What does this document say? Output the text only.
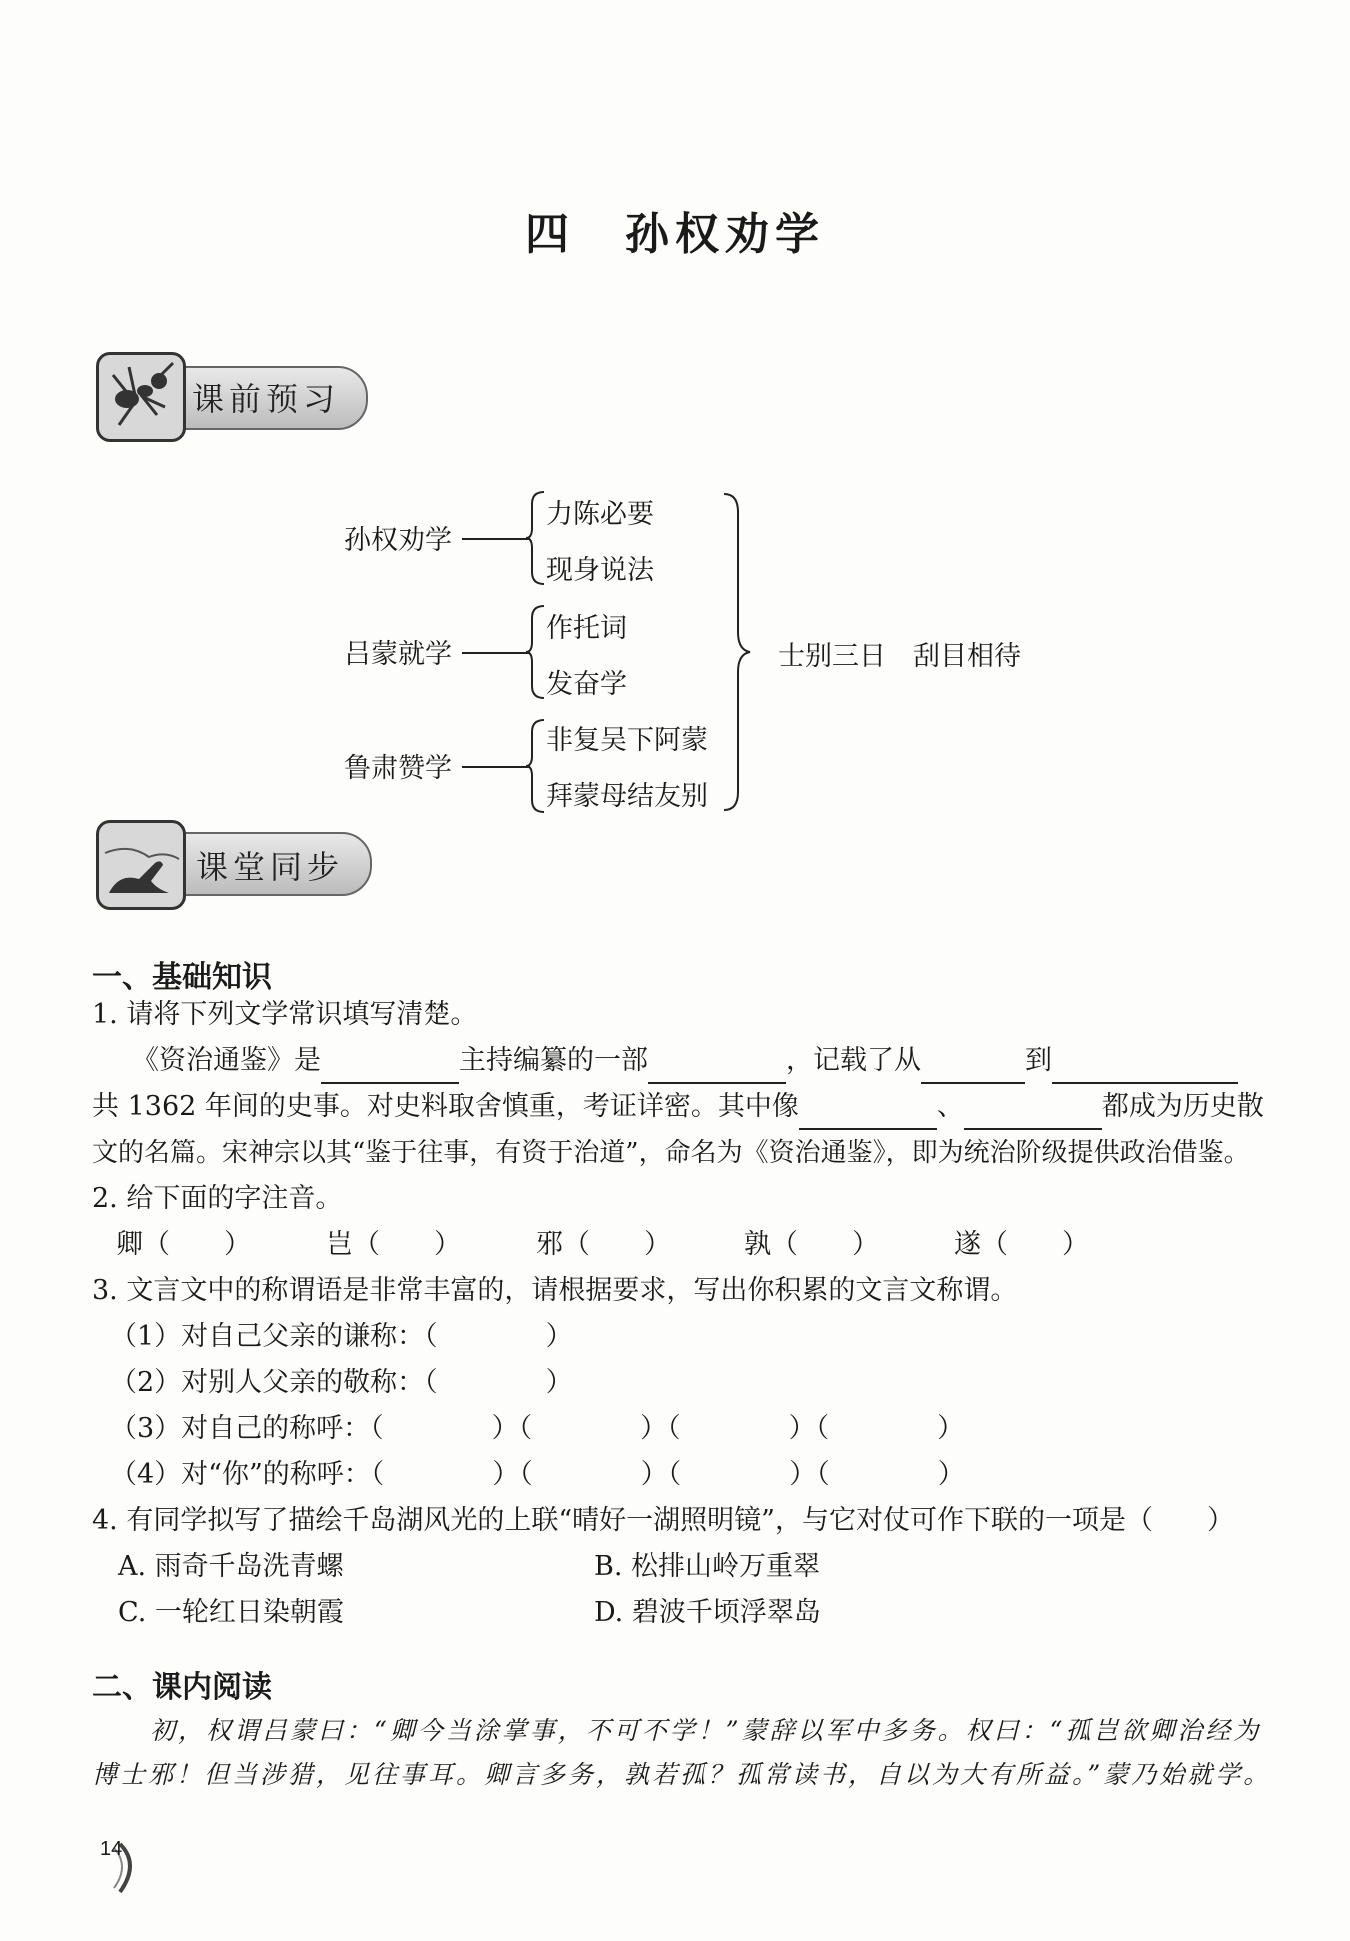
四　孙权劝学
课前预习
孙权劝学
力陈必要
现身说法
吕蒙就学
作托词
发奋学
鲁肃赞学
非复吴下阿蒙
拜蒙母结友别
士别三日　刮目相待
课堂同步
一、基础知识
1. 请将下列文学常识填写清楚。
《资治通鉴》是	主持编纂的一部	，记载了从	到
共 1362 年间的史事。对史料取舍慎重，考证详密。其中像	、	都成为历史散
文的名篇。宋神宗以其“鉴于往事，有资于治道”，命名为《资治通鉴》，即为统治阶级提供政治借鉴。
2. 给下面的字注音。
卿（　　）	岂（　　）	邪（　　）	孰（　　）	遂（　　）
3. 文言文中的称谓语是非常丰富的，请根据要求，写出你积累的文言文称谓。
（1）对自己父亲的谦称：（　　　　）
（2）对别人父亲的敬称：（　　　　）
（3）对自己的称呼：（　　　　）（　　　　）（　　　　）（　　　　）
（4）对“你”的称呼：（　　　　）（　　　　）（　　　　）（　　　　）
4. 有同学拟写了描绘千岛湖风光的上联“晴好一湖照明镜”，与它对仗可作下联的一项是（　　）
A. 雨奇千岛洗青螺	B. 松排山岭万重翠
C. 一轮红日染朝霞	D. 碧波千顷浮翠岛
二、课内阅读
初，权谓吕蒙曰：“卿今当涂掌事，不可不学！”蒙辞以军中多务。权曰：“孤岂欲卿治经为
博士邪！但当涉猎，见往事耳。卿言多务，孰若孤？孤常读书，自以为大有所益。”蒙乃始就学。
14
